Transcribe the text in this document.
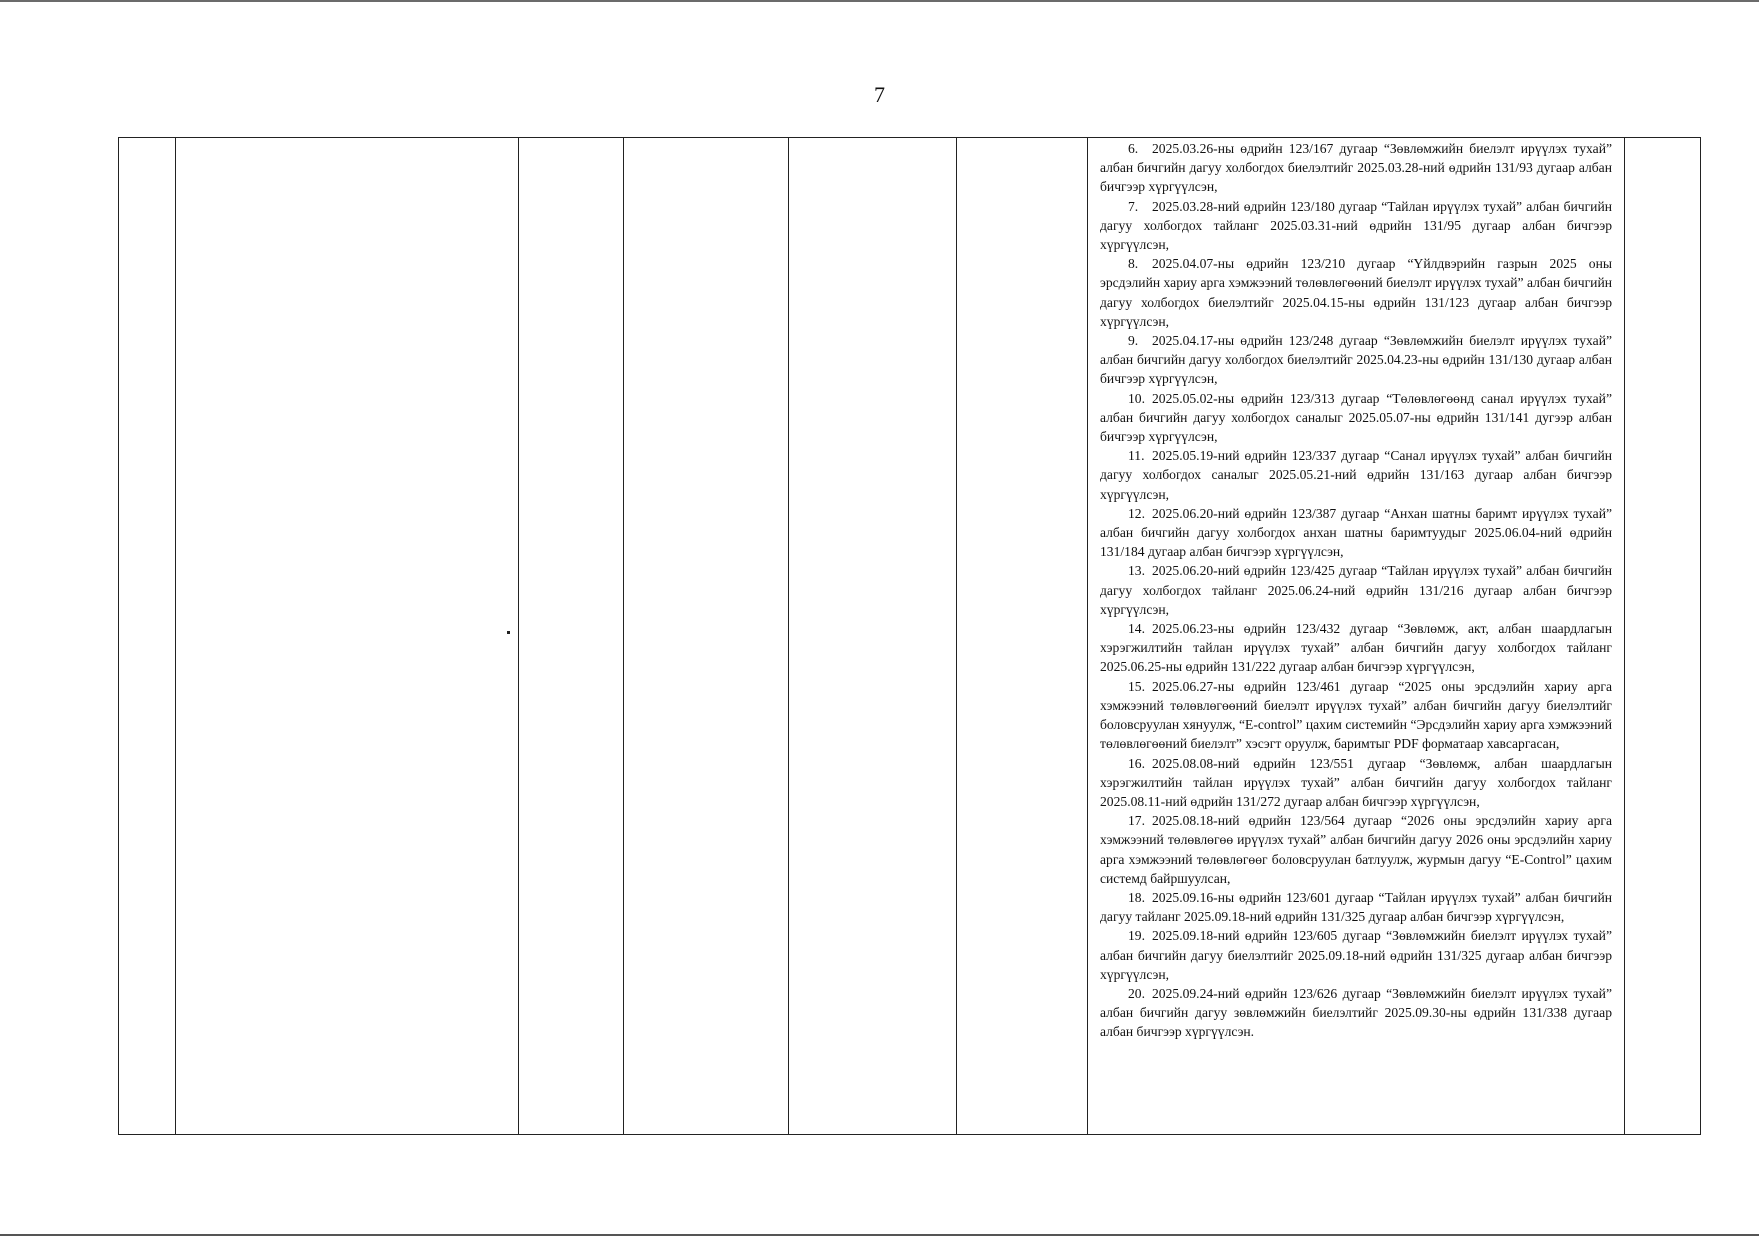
7

6. 2025.03.26-ны өдрийн 123/167 дугаар “Зөвлөмжийн биелэлт ирүүлэх тухай” албан бичгийн дагуу холбогдох биелэлтийг 2025.03.28-ний өдрийн 131/93 дугаар албан бичгээр хүргүүлсэн,

7. 2025.03.28-ний өдрийн 123/180 дугаар “Тайлан ирүүлэх тухай” албан бичгийн дагуу холбогдох тайланг 2025.03.31-ний өдрийн 131/95 дугаар албан бичгээр хүргүүлсэн,

8. 2025.04.07-ны өдрийн 123/210 дугаар “Үйлдвэрийн газрын 2025 оны эрсдэлийн хариу арга хэмжээний төлөвлөгөөний биелэлт ирүүлэх тухай” албан бичгийн дагуу холбогдох биелэлтийг 2025.04.15-ны өдрийн 131/123 дугаар албан бичгээр хүргүүлсэн,

9. 2025.04.17-ны өдрийн 123/248 дугаар “Зөвлөмжийн биелэлт ирүүлэх тухай” албан бичгийн дагуу холбогдох биелэлтийг 2025.04.23-ны өдрийн 131/130 дугаар албан бичгээр хүргүүлсэн,

10. 2025.05.02-ны өдрийн 123/313 дугаар “Төлөвлөгөөнд санал ирүүлэх тухай” албан бичгийн дагуу холбогдох саналыг 2025.05.07-ны өдрийн 131/141 дугээр албан бичгээр хүргүүлсэн,

11. 2025.05.19-ний өдрийн 123/337 дугаар “Санал ирүүлэх тухай” албан бичгийн дагуу холбогдох саналыг 2025.05.21-ний өдрийн 131/163 дугаар албан бичгээр хүргүүлсэн,

12. 2025.06.20-ний өдрийн 123/387 дугаар “Анхан шатны баримт ирүүлэх тухай” албан бичгийн дагуу холбогдох анхан шатны баримтуудыг 2025.06.04-ний өдрийн 131/184 дугаар албан бичгээр хүргүүлсэн,

13. 2025.06.20-ний өдрийн 123/425 дугаар “Тайлан ирүүлэх тухай” албан бичгийн дагуу холбогдох тайланг 2025.06.24-ний өдрийн 131/216 дугаар албан бичгээр хүргүүлсэн,

14. 2025.06.23-ны өдрийн 123/432 дугаар “Зөвлөмж, акт, албан шаардлагын хэрэгжилтийн тайлан ирүүлэх тухай” албан бичгийн дагуу холбогдох тайланг 2025.06.25-ны өдрийн 131/222 дугаар албан бичгээр хүргүүлсэн,

15. 2025.06.27-ны өдрийн 123/461 дугаар “2025 оны эрсдэлийн хариу арга хэмжээний төлөвлөгөөний биелэлт ирүүлэх тухай” албан бичгийн дагуу биелэлтийг боловсруулан хянуулж, “E-control” цахим системийн “Эрсдэлийн хариу арга хэмжээний төлөвлөгөөний биелэлт” хэсэгт оруулж, баримтыг PDF форматаар хавсаргасан,

16. 2025.08.08-ний өдрийн 123/551 дугаар “Зөвлөмж, албан шаардлагын хэрэгжилтийн тайлан ирүүлэх тухай” албан бичгийн дагуу холбогдох тайланг 2025.08.11-ний өдрийн 131/272 дугаар албан бичгээр хүргүүлсэн,

17. 2025.08.18-ний өдрийн 123/564 дугаар “2026 оны эрсдэлийн хариу арга хэмжээний төлөвлөгөө ирүүлэх тухай” албан бичгийн дагуу 2026 оны эрсдэлийн хариу арга хэмжээний төлөвлөгөөг боловсруулан батлуулж, журмын дагуу “E-Control” цахим системд байршуулсан,

18. 2025.09.16-ны өдрийн 123/601 дугаар “Тайлан ирүүлэх тухай” албан бичгийн дагуу тайланг 2025.09.18-ний өдрийн 131/325 дугаар албан бичгээр хүргүүлсэн,

19. 2025.09.18-ний өдрийн 123/605 дугаар “Зөвлөмжийн биелэлт ирүүлэх тухай” албан бичгийн дагуу биелэлтийг 2025.09.18-ний өдрийн 131/325 дугаар албан бичгээр хүргүүлсэн,

20. 2025.09.24-ний өдрийн 123/626 дугаар “Зөвлөмжийн биелэлт ирүүлэх тухай” албан бичгийн дагуу зөвлөмжийн биелэлтийг 2025.09.30-ны өдрийн 131/338 дугаар албан бичгээр хүргүүлсэн.
